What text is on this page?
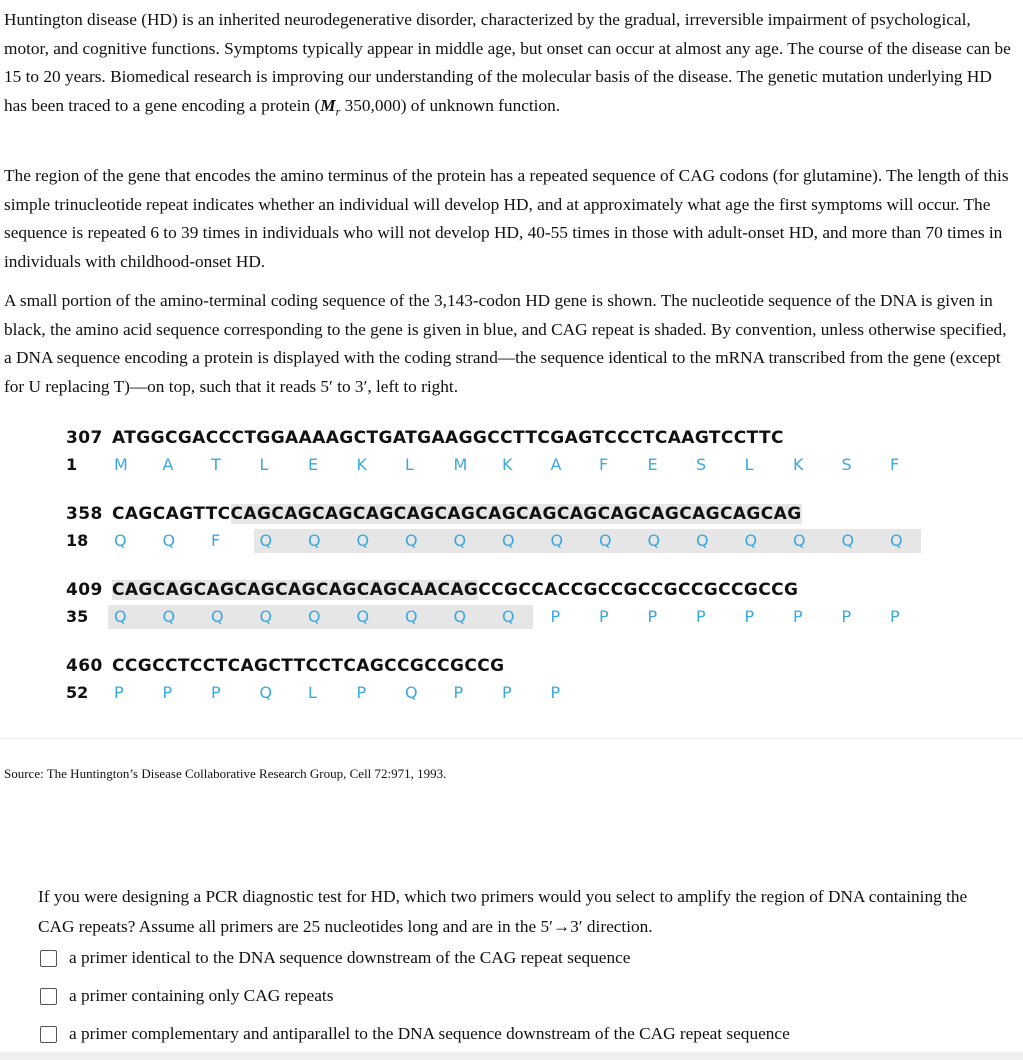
Huntington disease (HD) is an inherited neurodegenerative disorder, characterized by the gradual, irreversible impairment of psychological, motor, and cognitive functions. Symptoms typically appear in middle age, but onset can occur at almost any age. The course of the disease can be 15 to 20 years. Biomedical research is improving our understanding of the molecular basis of the disease. The genetic mutation underlying HD has been traced to a gene encoding a protein ($M_r$ 350,000) of unknown function.

The region of the gene that encodes the amino terminus of the protein has a repeated sequence of CAG codons (for glutamine). The length of this simple trinucleotide repeat indicates whether an individual will develop HD, and at approximately what age the first symptoms will occur. The sequence is repeated 6 to 39 times in individuals who will not develop HD, 40-55 times in those with adult-onset HD, and more than 70 times in individuals with childhood-onset HD.

A small portion of the amino-terminal coding sequence of the 3,143-codon HD gene is shown. The nucleotide sequence of the DNA is given in black, the amino acid sequence corresponding to the gene is given in blue, and CAG repeat is shaded. By convention, unless otherwise specified, a DNA sequence encoding a protein is displayed with the coding strand—the sequence identical to the mRNA transcribed from the gene (except for U replacing T)—on top, such that it reads 5′ to 3′, left to right.

307 ATGGCGACCCTGGAAAAGCTGATGAAGGCCTTCGAGTCCCTCAAGTCCTTC
1 M A T L E K L M K A F E S L K S F
358 CAGCAGTTCCAGCAGCAGCAGCAGCAGCAGCAGCAGCAGCAGCAGCAGCAG
18 Q Q F Q Q Q Q Q Q Q Q Q Q Q Q Q Q
409 CAGCAGCAGCAGCAGCAGCAGCAACAGCCGCCACCGCCGCCGCCGCCGCCG
35 Q Q Q Q Q Q Q Q Q P P P P P P P P
460 CCGCCTCCTCAGCTTCCTCAGCCGCCGCCG
52 P P P Q L P Q P P P
Source: The Huntington’s Disease Collaborative Research Group, Cell 72:971, 1993.

If you were designing a PCR diagnostic test for HD, which two primers would you select to amplify the region of DNA containing the CAG repeats? Assume all primers are 25 nucleotides long and are in the 5′→3′ direction.

a primer identical to the DNA sequence downstream of the CAG repeat sequence
a primer containing only CAG repeats
a primer complementary and antiparallel to the DNA sequence downstream of the CAG repeat sequence
